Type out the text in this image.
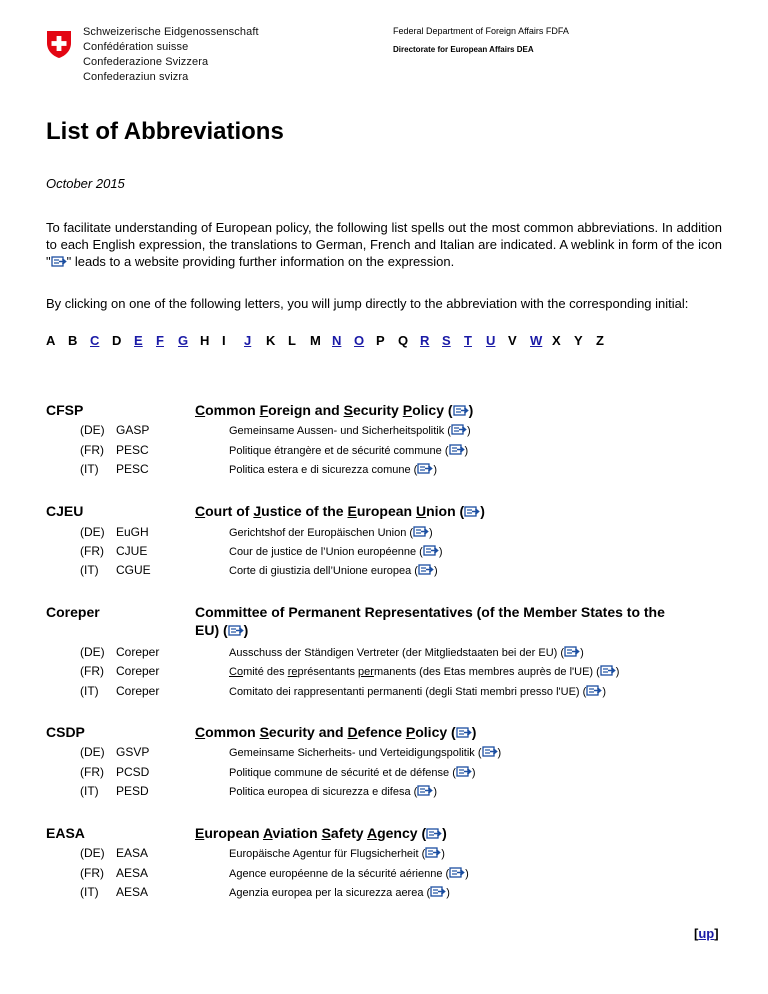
Schweizerische Eidgenossenschaft
Confédération suisse
Confederazione Svizzera
Confederaziun svizra
Federal Department of Foreign Affairs FDFA
Directorate for European Affairs DEA
List of Abbreviations
October 2015
To facilitate understanding of European policy, the following list spells out the most common abbreviations. In addition to each English expression, the translations to German, French and Italian are indicated. A weblink in form of the icon " " leads to a website providing further information on the expression.
By clicking on one of the following letters, you will jump directly to the abbreviation with the corresponding initial:
A B C D E F G H I J K L M N O P Q R S T U V W X Y Z
CFSP	Common Foreign and Security Policy ( )
(DE) GASP	Gemeinsame Aussen- und Sicherheitspolitik ( )
(FR) PESC	Politique étrangère et de sécurité commune ( )
(IT) PESC	Politica estera e di sicurezza comune ( )
CJEU	Court of Justice of the European Union ( )
(DE) EuGH	Gerichtshof der Europäischen Union ( )
(FR) CJUE	Cour de justice de l’Union européenne ( )
(IT) CGUE	Corte di giustizia dell’Unione europea ( )
Coreper	Committee of Permanent Representatives (of the Member States to the
EU) ( )
(DE) Coreper	Ausschuss der Ständigen Vertreter (der Mitgliedstaaten bei der EU) ( )
(FR) Coreper	Comité des représentants permanents (des Etas membres auprès de l'UE) ( )
(IT) Coreper	Comitato dei rappresentanti permanenti (degli Stati membri presso l'UE) ( )
CSDP	Common Security and Defence Policy ( )
(DE) GSVP	Gemeinsame Sicherheits- und Verteidigungspolitik ( )
(FR) PCSD	Politique commune de sécurité et de défense ( )
(IT) PESD	Politica europea di sicurezza e difesa ( )
EASA	European Aviation Safety Agency ( )
(DE) EASA	Europäische Agentur für Flugsicherheit ( )
(FR) AESA	Agence européenne de la sécurité aérienne ( )
(IT) AESA	Agenzia europea per la sicurezza aerea ( )
[up]
